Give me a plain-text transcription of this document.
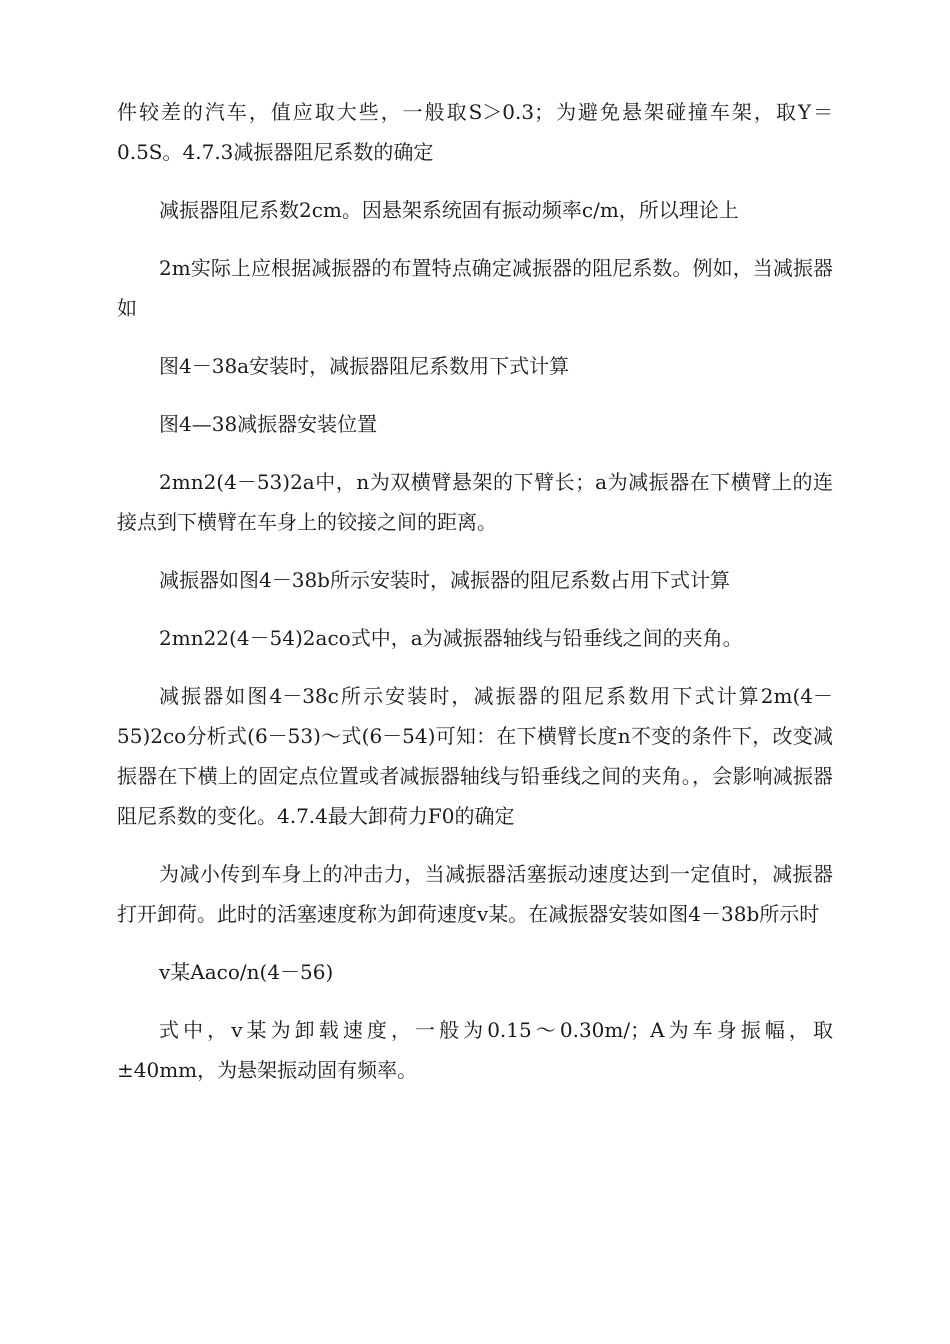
件较差的汽车，值应取大些，一般取S＞0.3；为避免悬架碰撞车架，取Y＝0.5S。4.7.3减振器阻尼系数的确定

减振器阻尼系数2cm。因悬架系统固有振动频率c/m，所以理论上

2m实际上应根据减振器的布置特点确定减振器的阻尼系数。例如，当减振器如

图4－38a安装时，减振器阻尼系数用下式计算

图4—38减振器安装位置

2mn2(4－53)2a中，n为双横臂悬架的下臂长；a为减振器在下横臂上的连接点到下横臂在车身上的铰接之间的距离。

减振器如图4－38b所示安装时，减振器的阻尼系数占用下式计算

2mn22(4－54)2aco式中，a为减振器轴线与铅垂线之间的夹角。

减振器如图4－38c所示安装时，减振器的阻尼系数用下式计算2m(4－55)2co分析式(6－53)～式(6－54)可知：在下横臂长度n不变的条件下，改变减振器在下横上的固定点位置或者减振器轴线与铅垂线之间的夹角。，会影响减振器阻尼系数的变化。4.7.4最大卸荷力F0的确定

为减小传到车身上的冲击力，当减振器活塞振动速度达到一定值时，减振器打开卸荷。此时的活塞速度称为卸荷速度v某。在减振器安装如图4－38b所示时

v某Aaco/n(4－56)

式中，v某为卸载速度，一般为0.15～0.30m/；A为车身振幅，取±40mm，为悬架振动固有频率。
